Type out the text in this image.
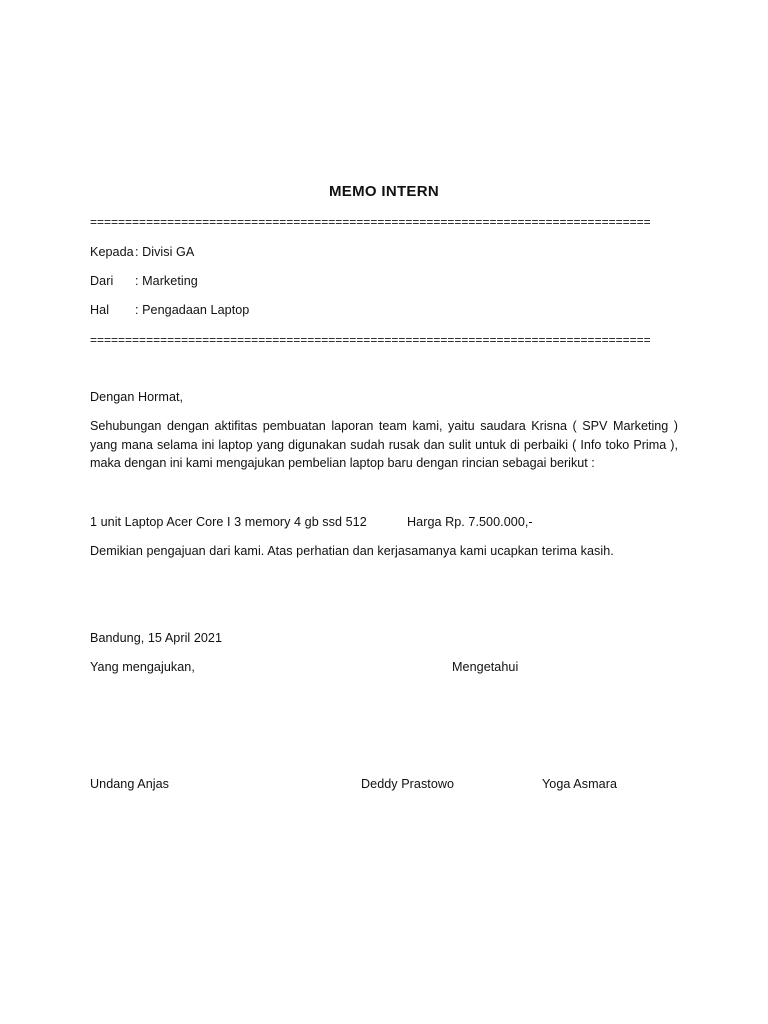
MEMO INTERN
================================================================================
Kepada : Divisi GA
Dari : Marketing
Hal : Pengadaan Laptop
================================================================================
Dengan Hormat,
Sehubungan dengan aktifitas pembuatan laporan team kami, yaitu saudara Krisna ( SPV Marketing ) yang mana selama ini laptop yang digunakan sudah rusak dan sulit untuk di perbaiki ( Info toko Prima ), maka dengan ini kami mengajukan pembelian laptop baru dengan rincian sebagai berikut :
1 unit Laptop Acer Core I 3 memory 4 gb ssd 512	Harga Rp. 7.500.000,-
Demikian pengajuan dari kami. Atas perhatian dan kerjasamanya kami ucapkan terima kasih.
Bandung, 15 April 2021
Yang mengajukan,	Mengetahui
Undang Anjas	Deddy Prastowo	Yoga Asmara
